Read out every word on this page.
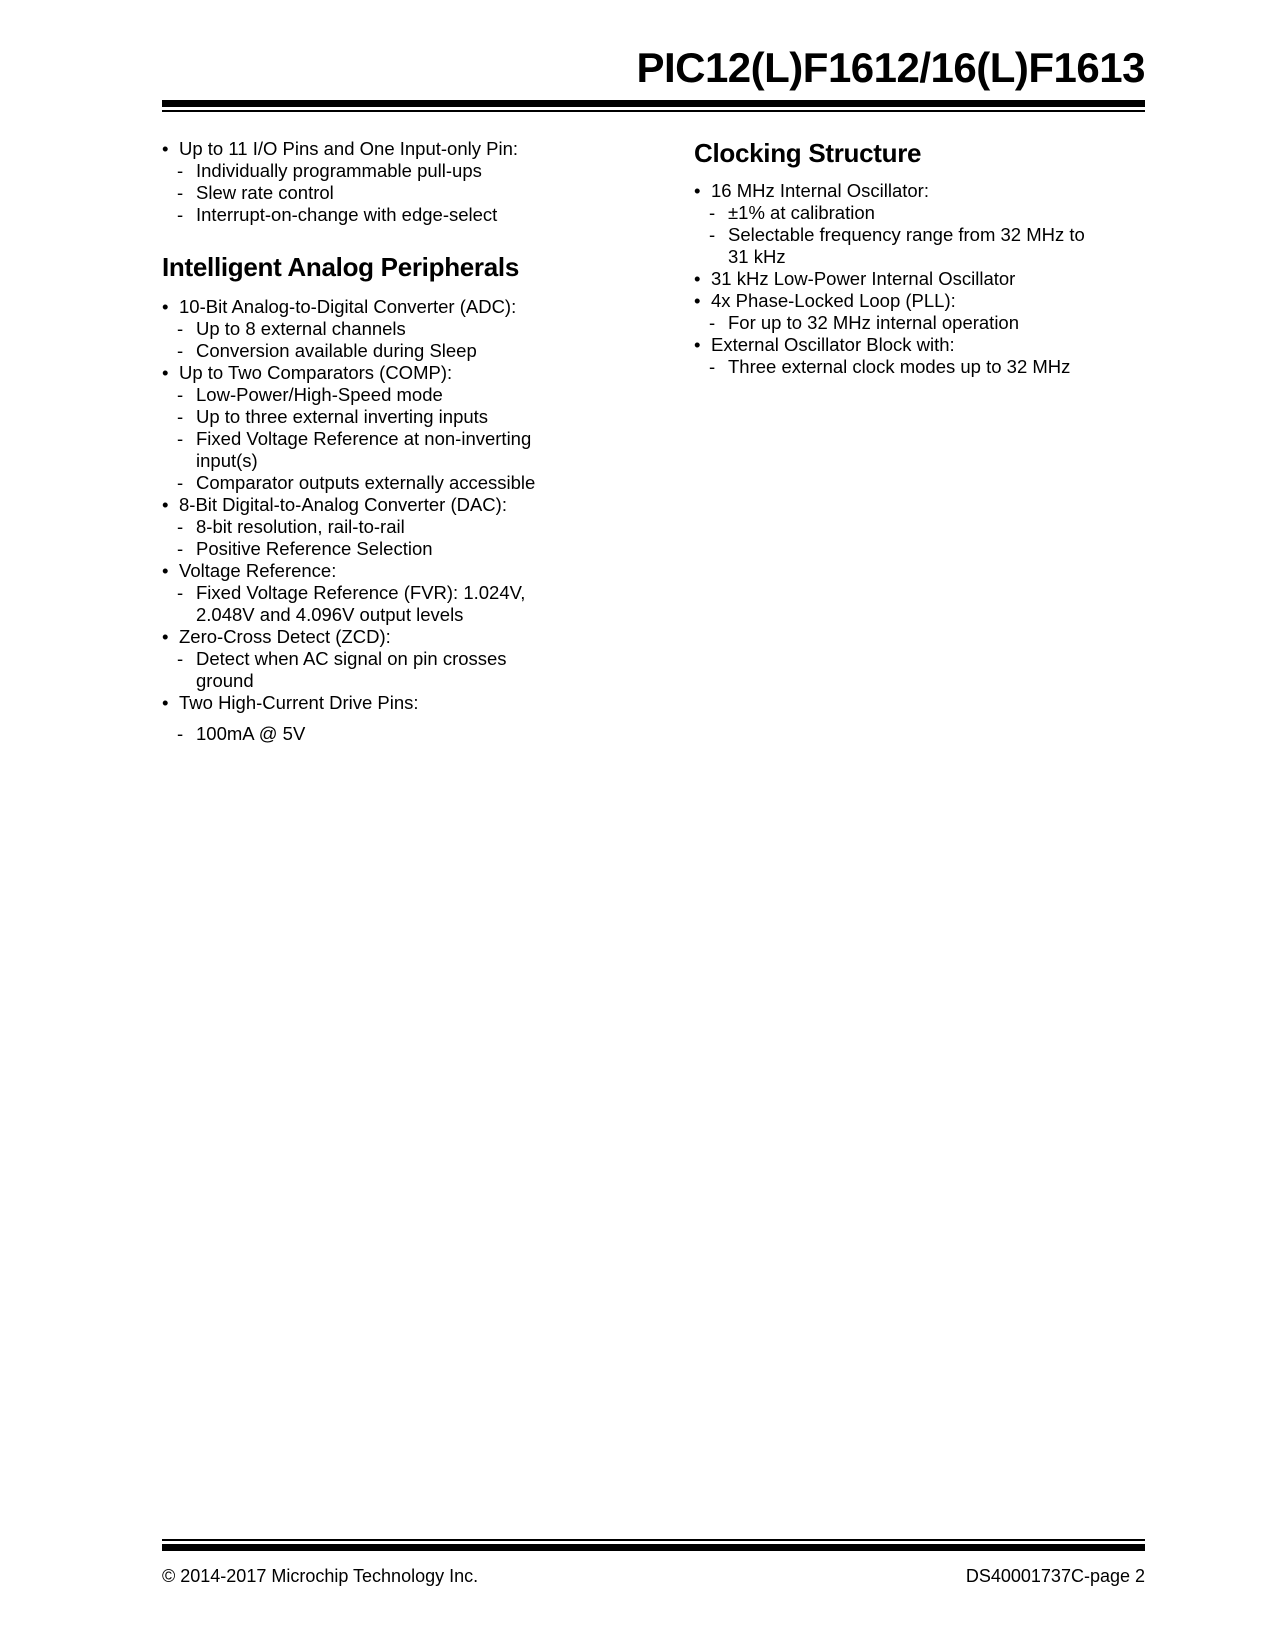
PIC12(L)F1612/16(L)F1613
• Up to 11 I/O Pins and One Input-only Pin:
- Individually programmable pull-ups
- Slew rate control
- Interrupt-on-change with edge-select
Intelligent Analog Peripherals
• 10-Bit Analog-to-Digital Converter (ADC):
- Up to 8 external channels
- Conversion available during Sleep
• Up to Two Comparators (COMP):
- Low-Power/High-Speed mode
- Up to three external inverting inputs
- Fixed Voltage Reference at non-inverting input(s)
- Comparator outputs externally accessible
• 8-Bit Digital-to-Analog Converter (DAC):
- 8-bit resolution, rail-to-rail
- Positive Reference Selection
• Voltage Reference:
- Fixed Voltage Reference (FVR): 1.024V, 2.048V and 4.096V output levels
• Zero-Cross Detect (ZCD):
- Detect when AC signal on pin crosses ground
• Two High-Current Drive Pins:
- 100mA @ 5V
Clocking Structure
• 16 MHz Internal Oscillator:
- ±1% at calibration
- Selectable frequency range from 32 MHz to 31 kHz
• 31 kHz Low-Power Internal Oscillator
• 4x Phase-Locked Loop (PLL):
- For up to 32 MHz internal operation
• External Oscillator Block with:
- Three external clock modes up to 32 MHz
© 2014-2017 Microchip Technology Inc.	DS40001737C-page 2
